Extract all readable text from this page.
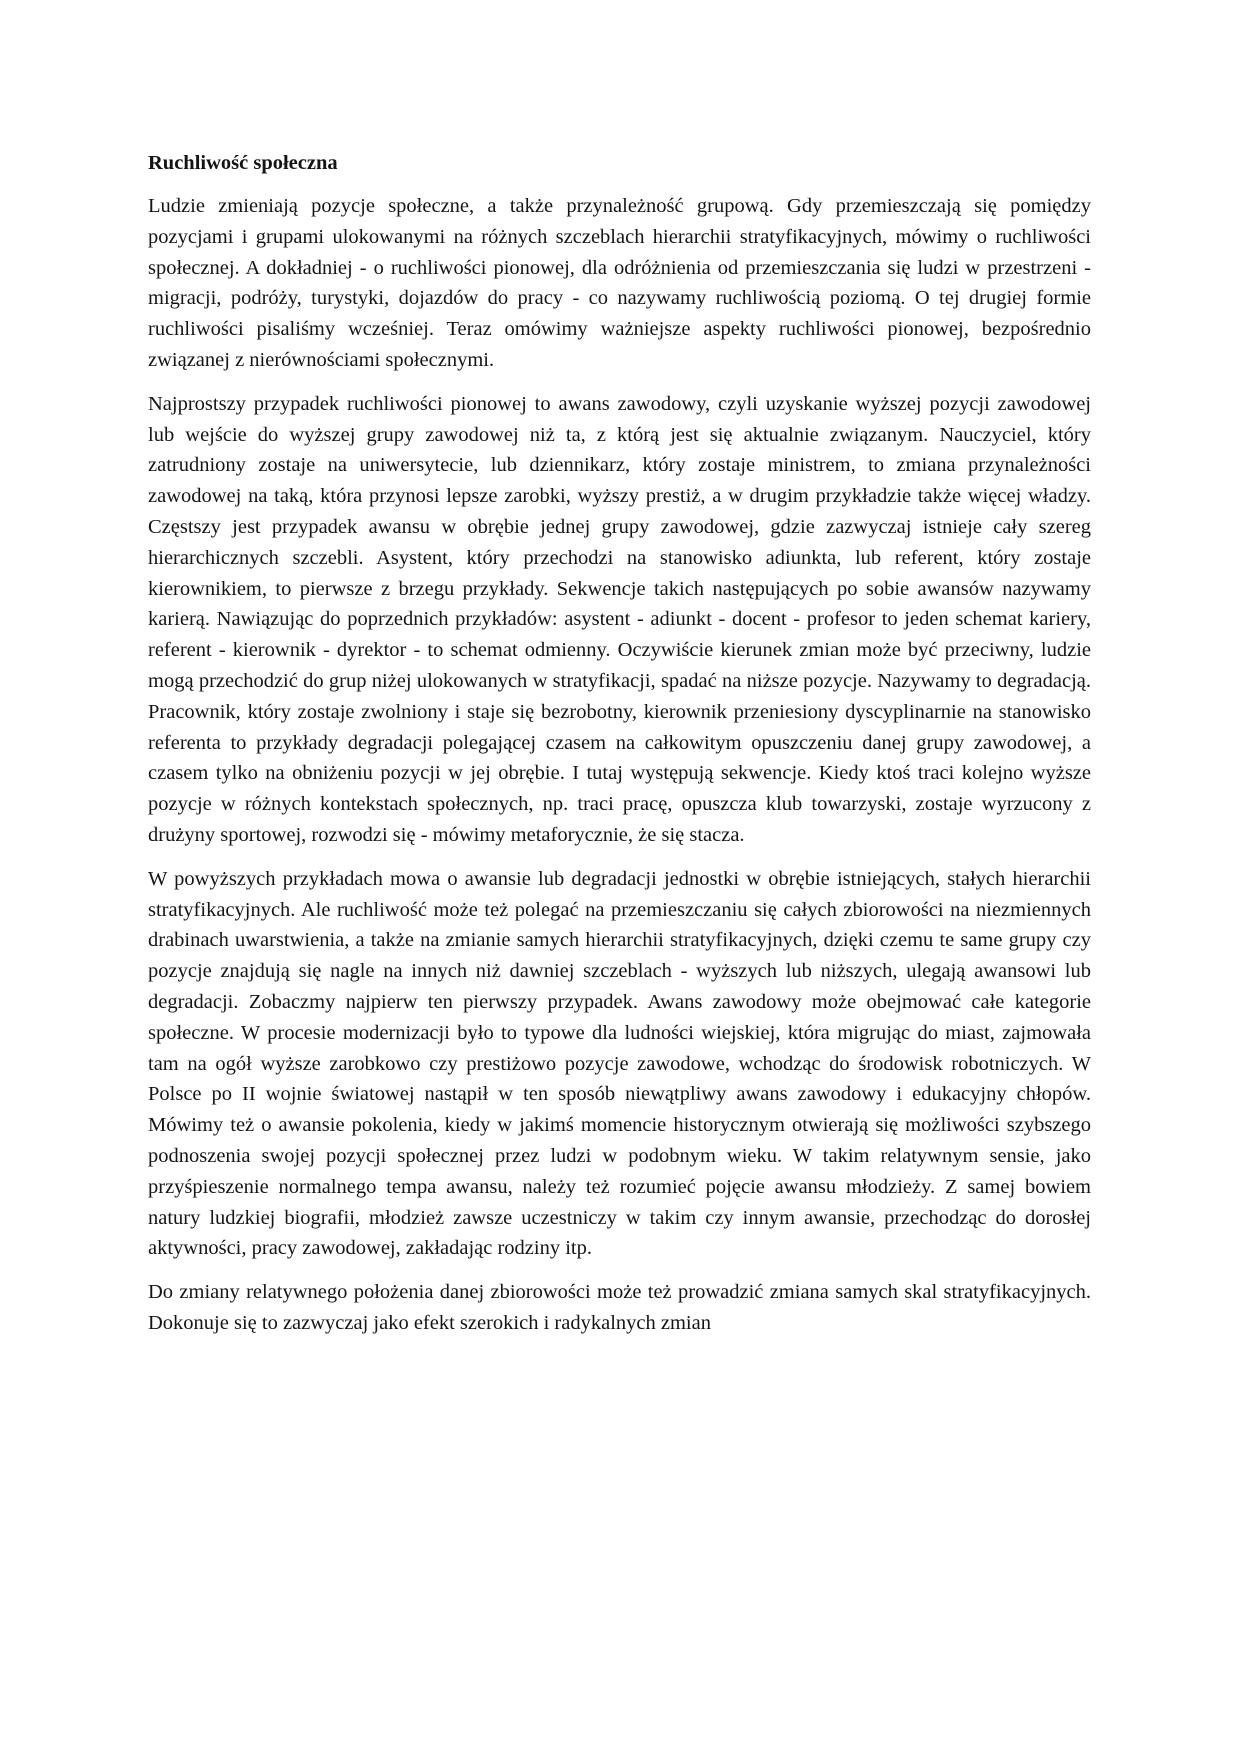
Ruchliwość społeczna

Ludzie zmieniają pozycje społeczne, a także przynależność grupową. Gdy przemieszczają się pomiędzy pozycjami i grupami ulokowanymi na różnych szczeblach hierarchii stratyfikacyjnych, mówimy o ruchliwości społecznej. A dokładniej - o ruchliwości pionowej, dla odróżnienia od przemieszczania się ludzi w przestrzeni - migracji, podróży, turystyki, dojazdów do pracy - co nazywamy ruchliwością poziomą. O tej drugiej formie ruchliwości pisaliśmy wcześniej. Teraz omówimy ważniejsze aspekty ruchliwości pionowej, bezpośrednio związanej z nierównościami społecznymi.

Najprostszy przypadek ruchliwości pionowej to awans zawodowy, czyli uzyskanie wyższej pozycji zawodowej lub wejście do wyższej grupy zawodowej niż ta, z którą jest się aktualnie związanym. Nauczyciel, który zatrudniony zostaje na uniwersytecie, lub dziennikarz, który zostaje ministrem, to zmiana przynależności zawodowej na taką, która przynosi lepsze zarobki, wyższy prestiż, a w drugim przykładzie także więcej władzy. Częstszy jest przypadek awansu w obrębie jednej grupy zawodowej, gdzie zazwyczaj istnieje cały szereg hierarchicznych szczebli. Asystent, który przechodzi na stanowisko adiunkta, lub referent, który zostaje kierownikiem, to pierwsze z brzegu przykłady. Sekwencje takich następujących po sobie awansów nazywamy karierą. Nawiązując do poprzednich przykładów: asystent - adiunkt - docent - profesor to jeden schemat kariery, referent - kierownik - dyrektor - to schemat odmienny. Oczywiście kierunek zmian może być przeciwny, ludzie mogą przechodzić do grup niżej ulokowanych w stratyfikacji, spadać na niższe pozycje. Nazywamy to degradacją. Pracownik, który zostaje zwolniony i staje się bezrobotny, kierownik przeniesiony dyscyplinarnie na stanowisko referenta to przykłady degradacji polegającej czasem na całkowitym opuszczeniu danej grupy zawodowej, a czasem tylko na obniżeniu pozycji w jej obrębie. I tutaj występują sekwencje. Kiedy ktoś traci kolejno wyższe pozycje w różnych kontekstach społecznych, np. traci pracę, opuszcza klub towarzyski, zostaje wyrzucony z drużyny sportowej, rozwodzi się - mówimy metaforycznie, że się stacza.

W powyższych przykładach mowa o awansie lub degradacji jednostki w obrębie istniejących, stałych hierarchii stratyfikacyjnych. Ale ruchliwość może też polegać na przemieszczaniu się całych zbiorowości na niezmiennych drabinach uwarstwienia, a także na zmianie samych hierarchii stratyfikacyjnych, dzięki czemu te same grupy czy pozycje znajdują się nagle na innych niż dawniej szczeblach - wyższych lub niższych, ulegają awansowi lub degradacji. Zobaczmy najpierw ten pierwszy przypadek. Awans zawodowy może obejmować całe kategorie społeczne. W procesie modernizacji było to typowe dla ludności wiejskiej, która migrując do miast, zajmowała tam na ogół wyższe zarobkowo czy prestiżowo pozycje zawodowe, wchodząc do środowisk robotniczych. W Polsce po II wojnie światowej nastąpił w ten sposób niewątpliwy awans zawodowy i edukacyjny chłopów. Mówimy też o awansie pokolenia, kiedy w jakimś momencie historycznym otwierają się możliwości szybszego podnoszenia swojej pozycji społecznej przez ludzi w podobnym wieku. W takim relatywnym sensie, jako przyśpieszenie normalnego tempa awansu, należy też rozumieć pojęcie awansu młodzieży. Z samej bowiem natury ludzkiej biografii, młodzież zawsze uczestniczy w takim czy innym awansie, przechodząc do dorosłej aktywności, pracy zawodowej, zakładając rodziny itp.

Do zmiany relatywnego położenia danej zbiorowości może też prowadzić zmiana samych skal stratyfikacyjnych. Dokonuje się to zazwyczaj jako efekt szerokich i radykalnych zmian
